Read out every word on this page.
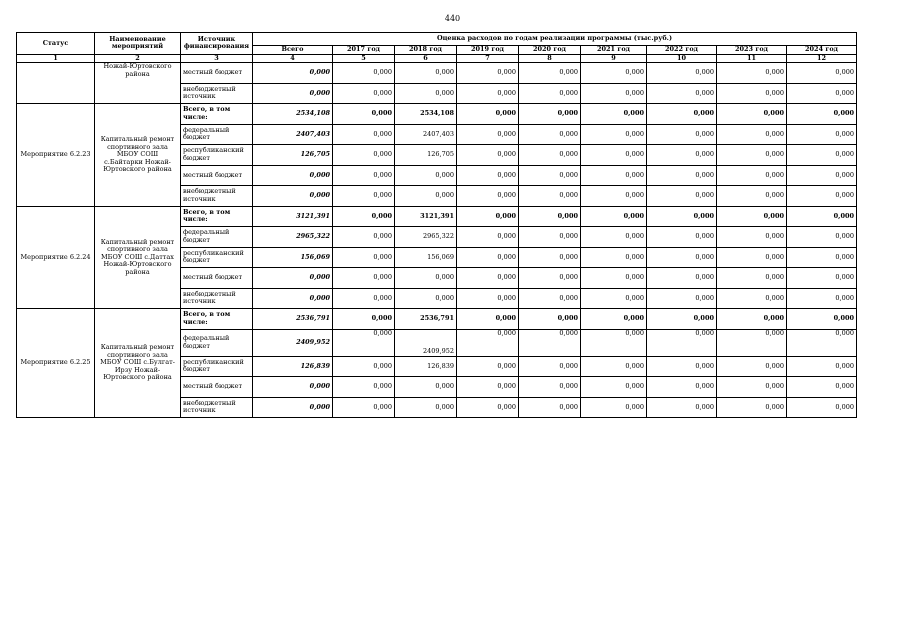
440
Статус	Наименование мероприятий	Источник финансирования	Оценка расходов по годам реализации программы (тыс.руб.)								
			Всего	2017 год	2018 год	2019 год	2020 год	2021 год	2022 год	2023 год	2024 год
1	2	3	4	5	6	7	8	9	10	11	12
	Ножай-Юртовского района	местный бюджет	0,000	0,000	0,000	0,000	0,000	0,000	0,000	0,000	0,000
		внебюджетный источник	0,000	0,000	0,000	0,000	0,000	0,000	0,000	0,000	0,000
Мероприятие 6.2.23	Капитальный ремонт спортивного зала МБОУ СОШ с.Байтарки Ножай-Юртовского района	Всего, в том числе:	2534,108	0,000	2534,108	0,000	0,000	0,000	0,000	0,000	0,000
		федеральный бюджет	2407,403	0,000	2407,403	0,000	0,000	0,000	0,000	0,000	0,000
		республиканский бюджет	126,705	0,000	126,705	0,000	0,000	0,000	0,000	0,000	0,000
		местный бюджет	0,000	0,000	0,000	0,000	0,000	0,000	0,000	0,000	0,000
		внебюджетный источник	0,000	0,000	0,000	0,000	0,000	0,000	0,000	0,000	0,000
Мероприятие 6.2.24	Капитальный ремонт спортивного зала МБОУ СОШ с.Даттах Ножай-Юртовского района	Всего, в том числе:	3121,391	0,000	3121,391	0,000	0,000	0,000	0,000	0,000	0,000
		федеральный бюджет	2965,322	0,000	2965,322	0,000	0,000	0,000	0,000	0,000	0,000
		республиканский бюджет	156,069	0,000	156,069	0,000	0,000	0,000	0,000	0,000	0,000
		местный бюджет	0,000	0,000	0,000	0,000	0,000	0,000	0,000	0,000	0,000
		внебюджетный источник	0,000	0,000	0,000	0,000	0,000	0,000	0,000	0,000	0,000
Мероприятие 6.2.25	Капитальный ремонт спортивного зала МБОУ СОШ с.Булгат-Ирзу Ножай-Юртовского района	Всего, в том числе:	2536,791	0,000	2536,791	0,000	0,000	0,000	0,000	0,000	0,000
		федеральный бюджет	2409,952	0,000	2409,952	0,000	0,000	0,000	0,000	0,000	0,000
		республиканский бюджет	126,839	0,000	126,839	0,000	0,000	0,000	0,000	0,000	0,000
		местный бюджет	0,000	0,000	0,000	0,000	0,000	0,000	0,000	0,000	0,000
		внебюджетный источник	0,000	0,000	0,000	0,000	0,000	0,000	0,000	0,000	0,000
